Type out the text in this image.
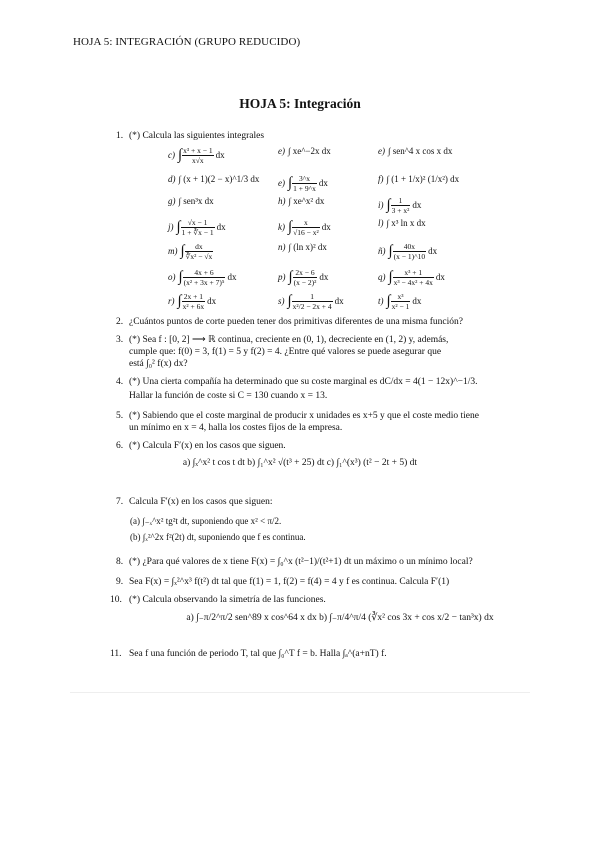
HOJA 5: INTEGRACIÓN (GRUPO REDUCIDO)
HOJA 5: Integración
1. (*) Calcula las siguientes integrales
c) ∫ $\frac{\text{x³ + x − 1}}{x√x}$ dx	e) ∫ xe^−2x dx	e) ∫ sen^4 x cos x dx
d) ∫ (x + 1)(2 − x)^1/3 dx e) ∫ $\frac{3\^{}x}{1 + 9\^{}x}$ dx	f) ∫ (1 + 1/x)² (1/x²) dx
g) ∫ sen³x dx	h) ∫ xe^x² dx	i) ∫ $\frac{1}{\text{3 + x²}}$ dx
j) ∫ $\frac{√x - 1}{1 + ∛x - 1}$ dx	k) ∫ $\frac{x}{\text{√16 − x²}}$ dx	l) ∫ x³ ln x dx
m) ∫ $\frac{dx}{\text{∛x² − √x}}$	n) ∫ (ln x)² dx	ñ) ∫ $\frac{40x}{(x - 1)\^{}10}$ dx
o) ∫ $\frac{4x + 6}{\text{(x² + 3x + 7)⁵}}$ dx	p) ∫ $\frac{2x - 6}{\text{(x − 2)²}}$ dx	q) ∫ $\frac{\text{x³ + 1}}{\text{x³ − 4x² + 4x}}$ dx
r) ∫ $\frac{2x + 1}{\text{x² + 6x}}$ dx	s) ∫ $\frac{1}{\text{x²/2 − 2x + 4}}$ dx	t) ∫ $\frac{\text{x³}}{\text{x² − 1}}$ dx
2. ¿Cuántos puntos de corte pueden tener dos primitivas diferentes de una misma función?
3. (*) Sea f : [0, 2] ⟶ ℝ continua, creciente en (0, 1), decreciente en (1, 2) y, además,
cumple que: f(0) = 3, f(1) = 5 y f(2) = 4. ¿Entre qué valores se puede asegurar que
está ∫₀² f(x) dx?
4. (*) Una cierta compañía ha determinado que su coste marginal es dC/dx = 4(1 − 12x)^−1/3.
Hallar la función de coste si C = 130 cuando x = 13.
5. (*) Sabiendo que el coste marginal de producir x unidades es x+5 y que el coste medio tiene
un mínimo en x = 4, halla los costes fijos de la empresa.
6. (*) Calcula F′(x) en los casos que siguen.
a) ∫ₓ^x² t cos t dt b) ∫₁^x² √(t³ + 25) dt c) ∫₁^(x³) (t² − 2t + 5) dt
7. Calcula F′(x) en los casos que siguen:
(a) ∫₋ₓ^x² tg²t dt, suponiendo que x² < π/2.
(b) ∫ₓ²^2x f²(2t) dt, suponiendo que f es continua.
8. (*) ¿Para qué valores de x tiene F(x) = ∫₀^x (t²−1)/(t²+1) dt un máximo o un mínimo local?
9. Sea F(x) = ∫ₓ²^x³ f(t²) dt tal que f(1) = 1, f(2) = f(4) = 4 y f es continua. Calcula F′(1)
10. (*) Calcula observando la simetría de las funciones.
a) ∫₋π/2^π/2 sen^89 x cos^64 x dx b) ∫₋π/4^π/4 (∛x² cos 3x + cos x/2 − tan³x) dx
11. Sea f una función de periodo T, tal que ∫₀^T f = b. Halla ∫ₐ^(a+nT) f.
